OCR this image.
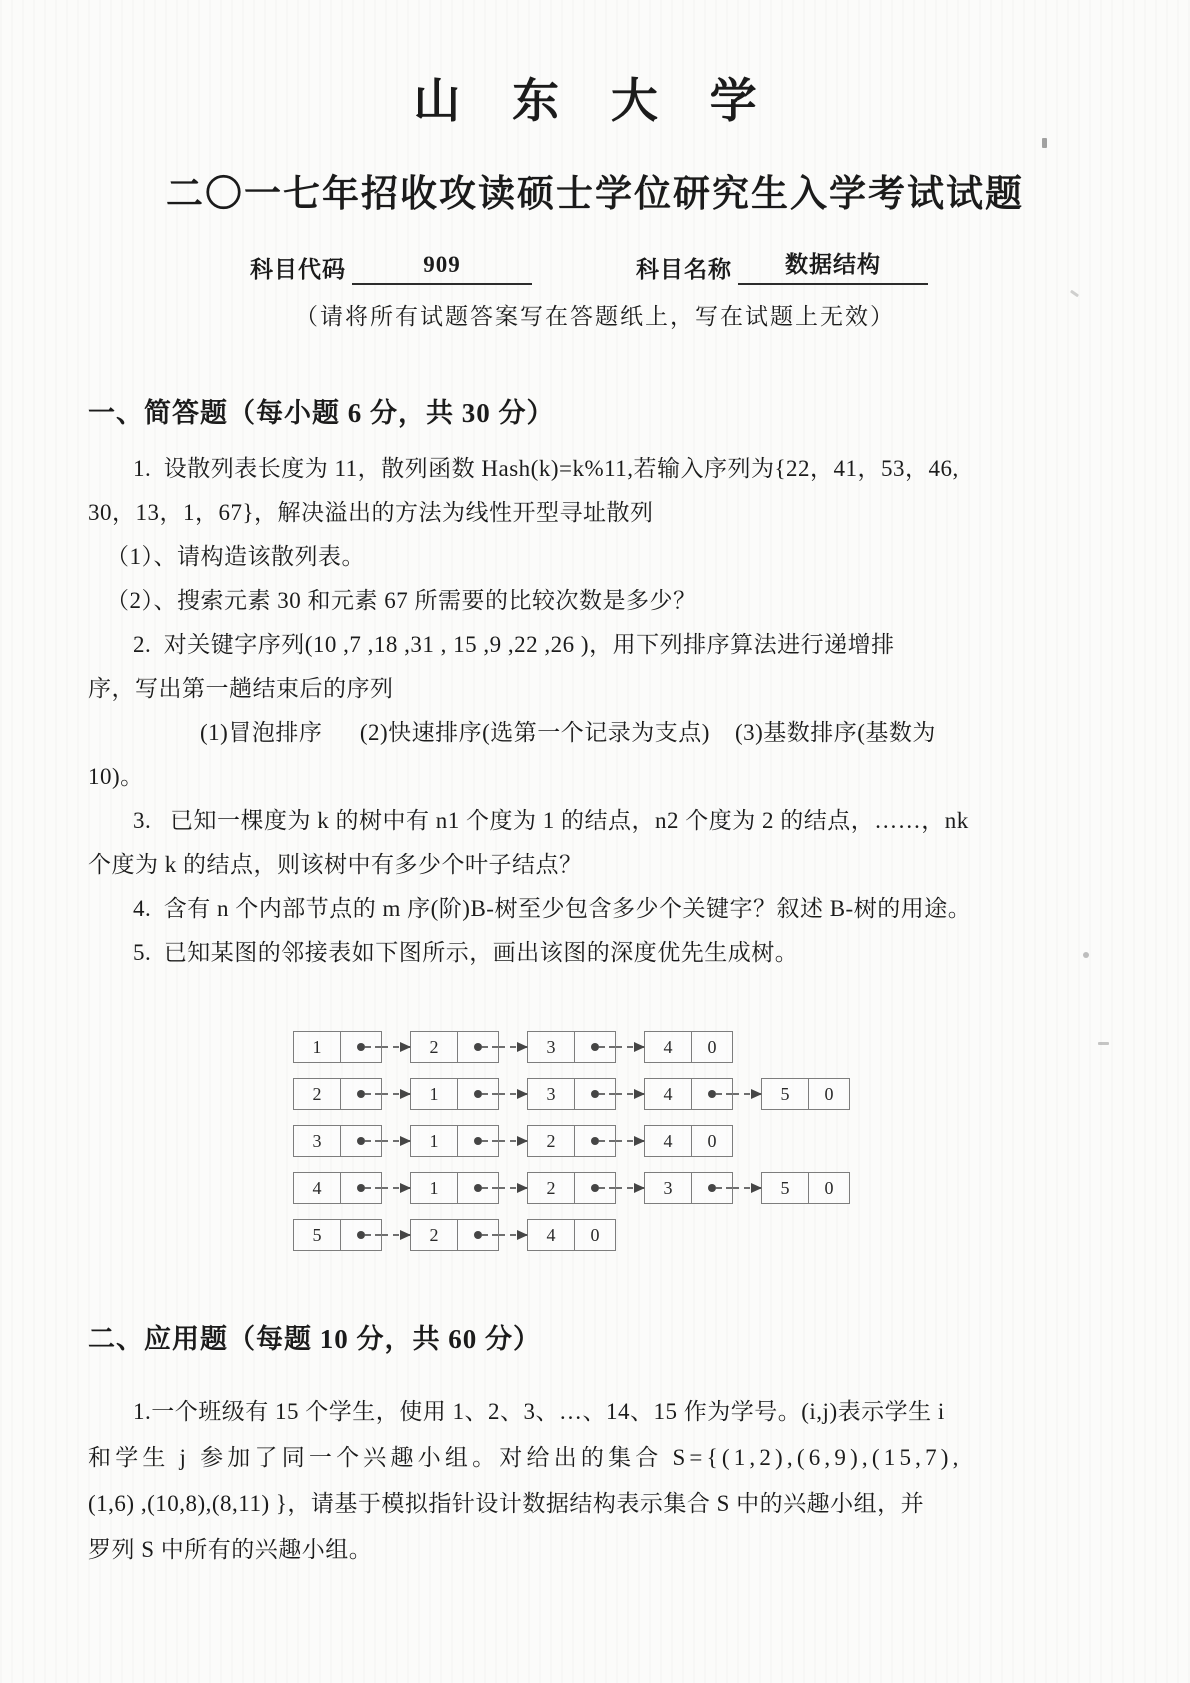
山 东 大 学
二〇一七年招收攻读硕士学位研究生入学考试试题
科目代码	909	科目名称	数据结构
（请将所有试题答案写在答题纸上，写在试题上无效）
一、简答题（每小题 6 分，共 30 分）
1.  设散列表长度为 11，散列函数 Hash(k)=k%11,若输入序列为{22，41，53，46,
30，13，1，67}，解决溢出的方法为线性开型寻址散列
（1）、请构造该散列表。
（2）、搜索元素 30 和元素 67 所需要的比较次数是多少？
2.  对关键字序列(10 ,7 ,18 ,31 , 15 ,9 ,22 ,26 )，用下列排序算法进行递增排
序，写出第一趟结束后的序列
(1)冒泡排序      (2)快速排序(选第一个记录为支点)    (3)基数排序(基数为
10)。
3.   已知一棵度为 k 的树中有 n1 个度为 1 的结点，n2 个度为 2 的结点，……，nk
个度为 k 的结点，则该树中有多少个叶子结点？
4.  含有 n 个内部节点的 m 序(阶)B-树至少包含多少个关键字？叙述 B-树的用途。
5.  已知某图的邻接表如下图所示，画出该图的深度优先生成树。
1	2	3	4	0
2	1	3	4	5	0
3	1	2	4	0
4	1	2	3	5	0
5	2	4	0
二、应用题（每题 10 分，共 60 分）
1.一个班级有 15 个学生，使用 1、2、3、…、14、15 作为学号。(i,j)表示学生 i
和学生 j 参加了同一个兴趣小组。对给出的集合 S={(1,2),(6,9),(15,7),
(1,6) ,(10,8),(8,11) }，请基于模拟指针设计数据结构表示集合 S 中的兴趣小组，并
罗列 S 中所有的兴趣小组。
